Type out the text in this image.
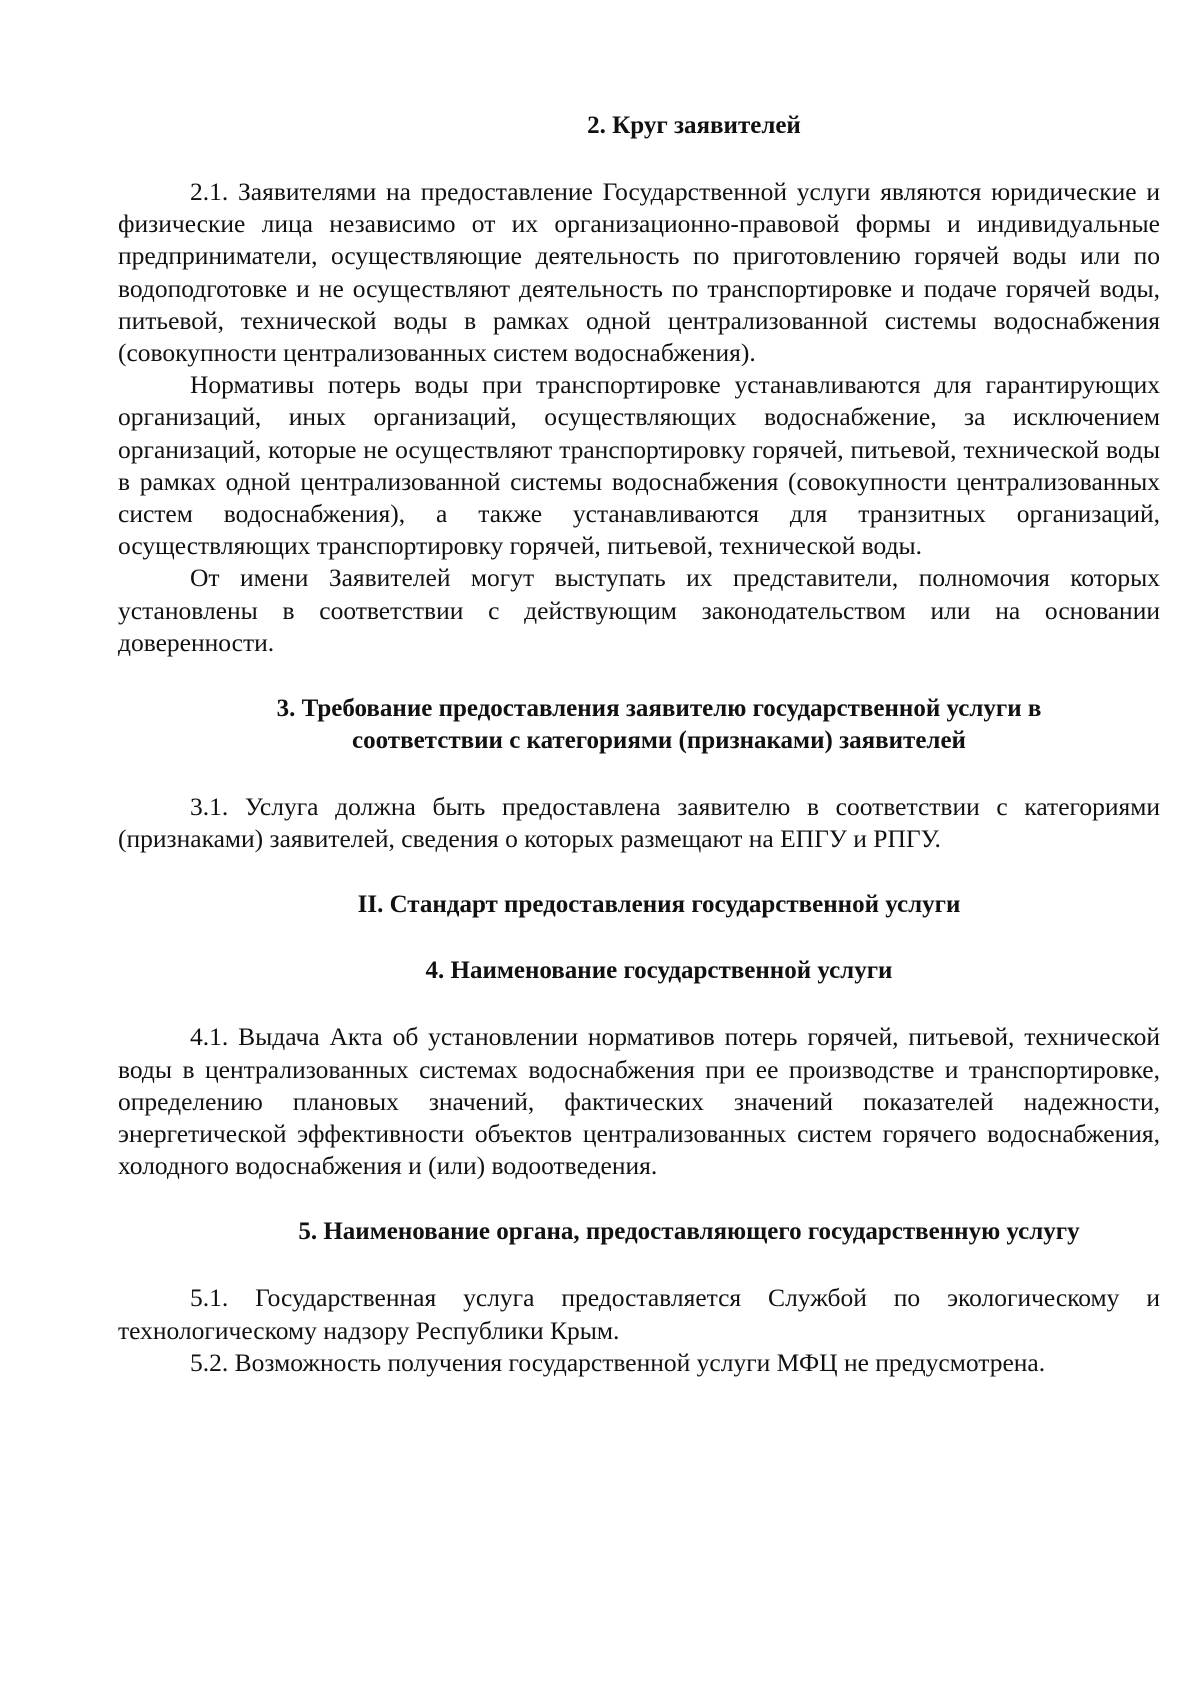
2. Круг заявителей

2.1. Заявителями на предоставление Государственной услуги являются юридические и физические лица независимо от их организационно-правовой формы и индивидуальные предприниматели, осуществляющие деятельность по приготовлению горячей воды или по водоподготовке и не осуществляют деятельность по транспортировке и подаче горячей воды, питьевой, технической воды в рамках одной централизованной системы водоснабжения (совокупности централизованных систем водоснабжения).

Нормативы потерь воды при транспортировке устанавливаются для гарантирующих организаций, иных организаций, осуществляющих водоснабжение, за исключением организаций, которые не осуществляют транспортировку горячей, питьевой, технической воды в рамках одной централизованной системы водоснабжения (совокупности централизованных систем водоснабжения), а также устанавливаются для транзитных организаций, осуществляющих транспортировку горячей, питьевой, технической воды.

От имени Заявителей могут выступать их представители, полномочия которых установлены в соответствии с действующим законодательством или на основании доверенности.

3. Требование предоставления заявителю государственной услуги в
соответствии с категориями (признаками) заявителей

3.1. Услуга должна быть предоставлена заявителю в соответствии с категориями (признаками) заявителей, сведения о которых размещают на ЕПГУ и РПГУ.

II. Стандарт предоставления государственной услуги
4. Наименование государственной услуги

4.1. Выдача Акта об установлении нормативов потерь горячей, питьевой, технической воды в централизованных системах водоснабжения при ее производстве и транспортировке, определению плановых значений, фактических значений показателей надежности, энергетической эффективности объектов централизованных систем горячего водоснабжения, холодного водоснабжения и (или) водоотведения.

5. Наименование органа, предоставляющего государственную услугу

5.1. Государственная услуга предоставляется Службой по экологическому и технологическому надзору Республики Крым.

5.2. Возможность получения государственной услуги МФЦ не предусмотрена.
